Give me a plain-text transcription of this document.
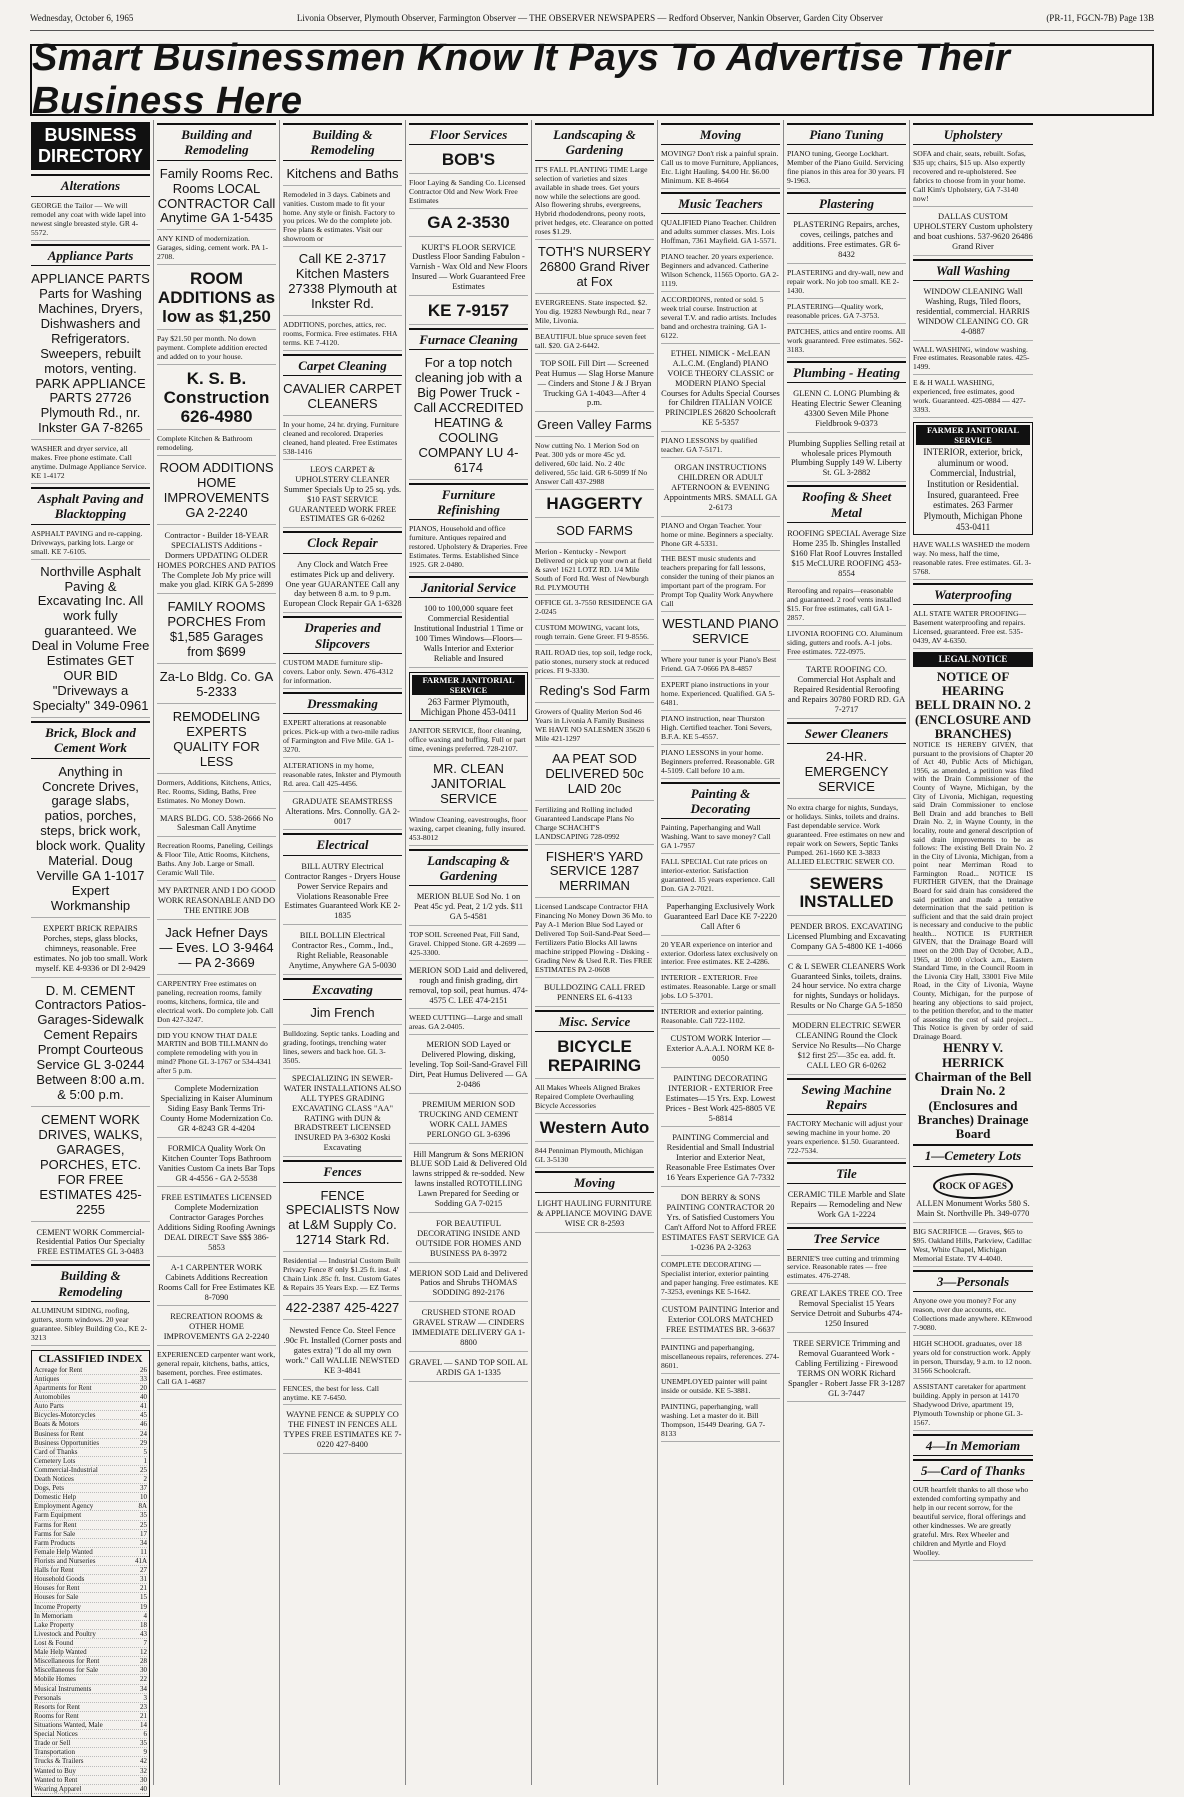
Wednesday, October 6, 1965	Livonia Observer, Plymouth Observer, Farmington Observer — THE OBSERVER NEWSPAPERS — Redford Observer, Nankin Observer, Garden City Observer	(PR-11, FGCN-7B) Page 13B
Smart Businessmen Know It Pays To Advertise Their Business Here
BUSINESS
DIRECTORY
Alterations
GEORGE the Tailor — We will remodel any coat with wide lapel into newest single breasted style. GR 4-5572.
Appliance Parts
APPLIANCE PARTS Parts for Washing Machines, Dryers, Dishwashers and Refrigerators. Sweepers, rebuilt motors, venting. PARK APPLIANCE PARTS 27726 Plymouth Rd., nr. Inkster GA 7-8265
WASHER and dryer service, all makes. Free phone estimate. Call anytime. Dulmage Appliance Service. KE 1-4172
Asphalt Paving and Blacktopping
ASPHALT PAVING and re-capping. Driveways, parking lots. Large or small. KE 7-6105.
Northville Asphalt Paving & Excavating Inc. All work fully guaranteed. We Deal in Volume Free Estimates GET OUR BID "Driveways a Specialty" 349-0961
Brick, Block and Cement Work
Anything in Concrete Drives, garage slabs, patios, porches, steps, brick work, block work. Quality Material. Doug Verville GA 1-1017 Expert Workmanship
EXPERT BRICK REPAIRS Porches, steps, glass blocks, chimneys, reasonable. Free estimates. No job too small. Work myself. KE 4-9336 or DI 2-9429
D. M. CEMENT Contractors Patios-Garages-Sidewalk Cement Repairs Prompt Courteous Service GL 3-0244 Between 8:00 a.m. & 5:00 p.m.
CEMENT WORK DRIVES, WALKS, GARAGES, PORCHES, ETC. FOR FREE ESTIMATES 425-2255
CEMENT WORK Commercial-Residential Patios Our Specialty FREE ESTIMATES GL 3-0483
Building & Remodeling
ALUMINUM SIDING, roofing, gutters, storm windows. 20 year guarantee. Sibley Building Co., KE 2-3213
CLASSIFIED INDEX
Acreage for Rent	26
Antiques	33
Apartments for Rent	20
Automobiles	40
Auto Parts	41
Bicycles-Motorcycles	45
Boats & Motors	46
Business for Rent	24
Business Opportunities	29
Card of Thanks	5
Cemetery Lots	1
Commercial-Industrial	25
Death Notices	2
Dogs, Pets	37
Domestic Help	10
Employment Agency	8A
Farm Equipment	35
Farms for Rent	25
Farms for Sale	17
Farm Products	34
Female Help Wanted	11
Florists and Nurseries	41A
Halls for Rent	27
Household Goods	31
Houses for Rent	21
Houses for Sale	15
Income Property	19
In Memoriam	4
Lake Property	18
Livestock and Poultry	43
Lost & Found	7
Male Help Wanted	12
Miscellaneous for Rent	28
Miscellaneous for Sale	30
Mobile Homes	22
Musical Instruments	34
Personals	3
Resorts for Rent	23
Rooms for Rent	21
Situations Wanted, Male	14
Special Notices	6
Trade or Sell	35
Transportation	9
Trucks & Trailers	42
Wanted to Buy	32
Wanted to Rent	30
Wearing Apparel	40
Building and Remodeling
Family Rooms Rec. Rooms LOCAL CONTRACTOR Call Anytime GA 1-5435
ANY KIND of modernization. Garages, siding, cement work. PA 1-2708.
ROOM ADDITIONS as low as $1,250
Pay $21.50 per month. No down payment. Complete addition erected and added on to your house.
K. S. B. Construction 626-4980
Complete Kitchen & Bathroom remodeling.
ROOM ADDITIONS HOME IMPROVEMENTS GA 2-2240
Contractor - Builder 18-YEAR SPECIALISTS Additions - Dormers UPDATING OLDER HOMES PORCHES AND PATIOS The Complete Job My price will make you glad. KIRK GA 5-2899
FAMILY ROOMS PORCHES From $1,585 Garages from $699
Za-Lo Bldg. Co. GA 5-2333
REMODELING EXPERTS QUALITY FOR LESS
Dormers, Additions, Kitchens, Attics, Rec. Rooms, Siding, Baths, Free Estimates. No Money Down.
MARS BLDG. CO. 538-2666 No Salesman Call Anytime
Recreation Rooms, Paneling, Ceilings & Floor Tile, Attic Rooms, Kitchens, Baths. Any Job. Large or Small. Ceramic Wall Tile.
MY PARTNER AND I DO GOOD WORK REASONABLE AND DO THE ENTIRE JOB
Jack Hefner Days — Eves. LO 3-9464 — PA 2-3669
CARPENTRY Free estimates on paneling, recreation rooms, family rooms, kitchens, formica, tile and electrical work. Do complete job. Call Don 427-3247.
DID YOU KNOW THAT DALE MARTIN and BOB TILLMANN do complete remodeling with you in mind? Phone GL 3-1767 or 534-4341 after 5 p.m.
Complete Modernization Specializing in Kaiser Aluminum Siding Easy Bank Terms Tri-County Home Modernization Co. GR 4-8243 GR 4-4204
FORMICA Quality Work On Kitchen Counter Tops Bathroom Vanities Custom Ca inets Bar Tops GR 4-4556 - GA 2-5538
FREE ESTIMATES LICENSED Complete Modernization Contractor Garages Porches Additions Siding Roofing Awnings DEAL DIRECT Save $$$ 386-5853
A-1 CARPENTER WORK Cabinets Additions Recreation Rooms Call for Free Estimates KE 8-7090
RECREATION ROOMS & OTHER HOME IMPROVEMENTS GA 2-2240
EXPERIENCED carpenter want work, general repair, kitchens, baths, attics, basement, porches. Free estimates. Call GA 1-4687
Building & Remodeling
Kitchens and Baths
Remodeled in 3 days. Cabinets and vanities. Custom made to fit your home. Any style or finish. Factory to you prices. We do the complete job. Free plans & estimates. Visit our showroom or
Call KE 2-3717 Kitchen Masters 27338 Plymouth at Inkster Rd.
ADDITIONS, porches, attics, rec. rooms, Formica. Free estimates. FHA terms. KE 7-4120.
Carpet Cleaning
CAVALIER CARPET CLEANERS
In your home, 24 hr. drying. Furniture cleaned and recolored. Draperies cleaned, hand pleated. Free Estimates 538-1416
LEO'S CARPET & UPHOLSTERY CLEANER Summer Specials Up to 25 sq. yds. $10 FAST SERVICE GUARANTEED WORK FREE ESTIMATES GR 6-0262
Clock Repair
Any Clock and Watch Free estimates Pick up and delivery. One year GUARANTEE Call any day between 8 a.m. to 9 p.m. European Clock Repair GA 1-6328
Draperies and Slipcovers
CUSTOM MADE furniture slip-covers. Labor only. Sewn. 476-4312 for information.
Dressmaking
EXPERT alterations at reasonable prices. Pick-up with a two-mile radius of Farmington and Five Mile. GA 1-3270.
ALTERATIONS in my home, reasonable rates, Inkster and Plymouth Rd. area. Call 425-4456.
GRADUATE SEAMSTRESS Alterations. Mrs. Connolly. GA 2-0017
Electrical
BILL AUTRY Electrical Contractor Ranges - Dryers House Power Service Repairs and Violations Reasonable Free Estimates Guaranteed Work KE 2-1835
BILL BOLLIN Electrical Contractor Res., Comm., Ind., Right Reliable, Reasonable Anytime, Anywhere GA 5-0030
Excavating
Jim French
Bulldozing. Septic tanks. Loading and grading, footings, trenching water lines, sewers and back hoe. GL 3-3505.
SPECIALIZING IN SEWER-WATER INSTALLATIONS ALSO ALL TYPES GRADING EXCAVATING CLASS "AA" RATING with DUN & BRADSTREET LICENSED INSURED PA 3-6302 Koski Excavating
Fences
FENCE SPECIALISTS Now at L&M Supply Co. 12714 Stark Rd.
Residential — Industrial Custom Built Privacy Fence 8' only $1.25 ft. inst. 4' Chain Link .85c ft. Inst. Custom Gates & Repairs 35 Years Exp. — EZ Terms
422-2387 425-4227
Newsted Fence Co. Steel Fence .90c Ft. Installed (Corner posts and gates extra) "I do all my own work." Call WALLIE NEWSTED KE 3-4841
FENCES, the best for less. Call anytime. KE 7-6450.
WAYNE FENCE & SUPPLY CO THE FINEST IN FENCES ALL TYPES FREE ESTIMATES KE 7-0220 427-8400
Floor Services
BOB'S
Floor Laying & Sanding Co. Licensed Contractor Old and New Work Free Estimates
GA 2-3530
KURT'S FLOOR SERVICE Dustless Floor Sanding Fabulon - Varnish - Wax Old and New Floors Insured — Work Guaranteed Free Estimates
KE 7-9157
Furnace Cleaning
For a top notch cleaning job with a Big Power Truck - Call ACCREDITED HEATING & COOLING COMPANY LU 4-6174
Furniture Refinishing
PIANOS, Household and office furniture. Antiques repaired and restored. Upholstery & Draperies. Free Estimates. Terms. Established Since 1925. GR 2-0480.
Janitorial Service
100 to 100,000 square feet Commercial Residential Institutional Industrial 1 Time or 100 Times Windows—Floors—Walls Interior and Exterior Reliable and Insured
FARMER JANITORIAL SERVICE
263 Farmer Plymouth, Michigan Phone 453-0411
JANITOR SERVICE, floor cleaning, office waxing and buffing. Full or part time, evenings preferred. 728-2107.
MR. CLEAN JANITORIAL SERVICE
Window Cleaning, eavestroughs, floor waxing, carpet cleaning, fully insured. 453-8012
Landscaping & Gardening
MERION BLUE Sod No. 1 on Peat 45c yd. Peat, 2 1/2 yds. $11 GA 5-4581
TOP SOIL Screened Peat, Fill Sand, Gravel. Chipped Stone. GR 4-2699 — 425-3300.
MERION SOD Laid and delivered, rough and finish grading, dirt removal, top soil, peat humus. 474-4575 C. LEE 474-2151
WEED CUTTING—Large and small areas. GA 2-0405.
MERION SOD Layed or Delivered Plowing, disking, leveling. Top Soil-Sand-Gravel Fill Dirt, Peat Humus Delivered — GA 2-0486
PREMIUM MERION SOD TRUCKING AND CEMENT WORK CALL JAMES PERLONGO GL 3-6396
Hill Mangrum & Sons MERION BLUE SOD Laid & Delivered Old lawns stripped & re-sodded. New lawns installed ROTOTILLING Lawn Prepared for Seeding or Sodding GA 7-0215
FOR BEAUTIFUL DECORATING INSIDE AND OUTSIDE FOR HOMES AND BUSINESS PA 8-3972
MERION SOD Laid and Delivered Patios and Shrubs THOMAS SODDING 892-2176
CRUSHED STONE ROAD GRAVEL STRAW — CINDERS IMMEDIATE DELIVERY GA 1-8800
GRAVEL — SAND TOP SOIL AL ARDIS GA 1-1335
Landscaping & Gardening
IT'S FALL PLANTING TIME Large selection of varieties and sizes available in shade trees. Get yours now while the selections are good. Also flowering shrubs, evergreens, Hybrid rhododendrons, peony roots, privet hedges, etc. Clearance on potted roses $1.29.
TOTH'S NURSERY 26800 Grand River at Fox
EVERGREENS. State inspected. $2. You dig. 19283 Newburgh Rd., near 7 Mile, Livonia.
BEAUTIFUL blue spruce seven feet tall. $20. GA 2-6442.
TOP SOIL Fill Dirt — Screened Peat Humus — Slag Horse Manure — Cinders and Stone J & J Bryan Trucking GA 1-4043—After 4 p.m.
Green Valley Farms
Now cutting No. 1 Merion Sod on Peat. 300 yds or more 45c yd. delivered, 60c laid. No. 2 40c delivered, 55c laid. GR 6-5099 If No Answer Call 437-2988
HAGGERTY
SOD FARMS
Merion - Kentucky - Newport Delivered or pick up your own at field & save! 1621 LOTZ RD. 1/4 Mile South of Ford Rd. West of Newburgh Rd. PLYMOUTH
OFFICE GL 3-7550 RESIDENCE GA 2-0245
CUSTOM MOWING, vacant lots, rough terrain. Gene Greer. FI 9-8556.
RAIL ROAD ties, top soil, ledge rock, patio stones, nursery stock at reduced prices. FI 9-3330.
Reding's Sod Farm
Growers of Quality Merion Sod 46 Years in Livonia A Family Business WE HAVE NO SALESMEN 35620 6 Mile 421-1297
AA PEAT SOD DELIVERED 50c LAID 20c
Fertilizing and Rolling included Guaranteed Landscape Plans No Charge SCHACHT'S LANDSCAPING 728-0992
FISHER'S YARD SERVICE 1287 MERRIMAN
Licensed Landscape Contractor FHA Financing No Money Down 36 Mo. to Pay A-1 Merion Blue Sod Layed or Delivered Top Soil-Sand-Peat Seed—Fertilizers Patio Blocks All lawns machine stripped Plowing - Disking - Grading New & Used R.R. Ties FREE ESTIMATES PA 2-0608
BULLDOZING CALL FRED PENNERS EL 6-4133
Misc. Service
BICYCLE REPAIRING
All Makes Wheels Aligned Brakes Repaired Complete Overhauling Bicycle Accessories
Western Auto
844 Penniman Plymouth, Michigan GL 3-5130
Moving
LIGHT HAULING FURNITURE & APPLIANCE MOVING DAVE WISE CR 8-2593
Moving
MOVING? Don't risk a painful sprain. Call us to move Furniture, Appliances, Etc. Light Hauling. $4.00 Hr. $6.00 Minimum. KE 8-4664
Music Teachers
QUALIFIED Piano Teacher. Children and adults summer classes. Mrs. Lois Hoffman, 7361 Mayfield. GA 1-5571.
PIANO teacher. 20 years experience. Beginners and advanced. Catherine Wilson Schenck, 11565 Oporto. GA 2-1119.
ACCORDIONS, rented or sold. 5 week trial course. Instruction at several T.V. and radio artists. Includes band and orchestra training. GA 1-6122.
ETHEL NIMICK - McLEAN A.L.C.M. (England) PIANO VOICE THEORY CLASSIC or MODERN PIANO Special Courses for Adults Special Courses for Children ITALIAN VOICE PRINCIPLES 26820 Schoolcraft KE 5-5357
PIANO LESSONS by qualified teacher. GA 7-5171.
ORGAN INSTRUCTIONS CHILDREN OR ADULT AFTERNOON & EVENING Appointments MRS. SMALL GA 2-6173
PIANO and Organ Teacher. Your home or mine. Beginners a specialty. Phone GR 4-5331.
THE BEST music students and teachers preparing for fall lessons, consider the tuning of their pianos an important part of the program. For Prompt Top Quality Work Anywhere Call
WESTLAND PIANO SERVICE
Where your tuner is your Piano's Best Friend. GA 7-0666 PA 8-4857
EXPERT piano instructions in your home. Experienced. Qualified. GA 5-6481.
PIANO instruction, near Thurston High. Certified teacher. Toni Severs, B.F.A. KE 5-4557.
PIANO LESSONS in your home. Beginners preferred. Reasonable. GR 4-5109. Call before 10 a.m.
Painting & Decorating
Painting, Paperhanging and Wall Washing. Want to save money? Call GA 1-7957
FALL SPECIAL Cut rate prices on interior-exterior. Satisfaction guaranteed. 15 years experience. Call Don. GA 2-7021.
Paperhanging Exclusively Work Guaranteed Earl Dace KE 7-2220 Call After 6
20 YEAR experience on interior and exterior. Odorless latex exclusively on interior. Free estimates. KE 2-4286.
INTERIOR - EXTERIOR. Free estimates. Reasonable. Large or small jobs. LO 5-3701.
INTERIOR and exterior painting. Reasonable. Call 722-1102.
CUSTOM WORK Interior — Exterior A.A.A.I. NORM KE 8-0050
PAINTING DECORATING INTERIOR - EXTERIOR Free Estimates—15 Yrs. Exp. Lowest Prices - Best Work 425-8805 VE 5-8814
PAINTING Commercial and Residential and Small Industrial Interior and Exterior Neat, Reasonable Free Estimates Over 16 Years Experience GA 7-7332
DON BERRY & SONS PAINTING CONTRACTOR 20 Yrs. of Satisfied Customers You Can't Afford Not to Afford FREE ESTIMATES FAST SERVICE GA 1-0236 PA 2-3263
COMPLETE DECORATING — Specialist interior, exterior painting and paper hanging. Free estimates. KE 7-3253, evenings KE 5-1642.
CUSTOM PAINTING Interior and Exterior COLORS MATCHED FREE ESTIMATES BR. 3-6637
PAINTING and paperhanging, miscellaneous repairs, references. 274-8601.
UNEMPLOYED painter will paint inside or outside. KE 5-3881.
PAINTING, paperhanging, wall washing. Let a master do it. Bill Thompson, 15449 Dearing. GA 7-8133
Piano Tuning
PIANO tuning, George Lockhart. Member of the Piano Guild. Servicing fine pianos in this area for 30 years. FI 9-1963.
Plastering
PLASTERING Repairs, arches, coves, ceilings, patches and additions. Free estimates. GR 6-8432
PLASTERING and dry-wall, new and repair work. No job too small. KE 2-1430.
PLASTERING—Quality work, reasonable prices. GA 7-3753.
PATCHES, attics and entire rooms. All work guaranteed. Free estimates. 562-3183.
Plumbing - Heating
GLENN C. LONG Plumbing & Heating Electric Sewer Cleaning 43300 Seven Mile Phone Fieldbrook 9-0373
Plumbing Supplies Selling retail at wholesale prices Plymouth Plumbing Supply 149 W. Liberty St. GL 3-2882
Roofing & Sheet Metal
ROOFING SPECIAL Average Size Home 235 lb. Shingles Installed $160 Flat Roof Louvres Installed $15 McCLURE ROOFING 453-8554
Reroofing and repairs—reasonable and guaranteed. 2 roof vents installed $15. For free estimates, call GA 1-2857.
LIVONIA ROOFING CO. Aluminum siding, gutters and roofs. A-1 jobs. Free estimates. 722-0975.
TARTE ROOFING CO. Commercial Hot Asphalt and Repaired Residential Reroofing and Repairs 30780 FORD RD. GA 7-2717
Sewer Cleaners
24-HR. EMERGENCY SERVICE
No extra charge for nights, Sundays, or holidays. Sinks, toilets and drains. Fast dependable service. Work guaranteed. Free estimates on new and repair work on Sewers, Septic Tanks Pumped. 261-1660 KE 3-3833 ALLIED ELECTRIC SEWER CO.
SEWERS INSTALLED
PENDER BROS. EXCAVATING Licensed Plumbing and Excavating Company GA 5-4800 KE 1-4066
C & L SEWER CLEANERS Work Guaranteed Sinks, toilets, drains. 24 hour service. No extra charge for nights, Sundays or holidays. Results or No Charge GA 5-1850
MODERN ELECTRIC SEWER CLEANING Round the Clock Service No Results—No Charge $12 first 25'—35c ea. add. ft. CALL LEO GR 6-0262
Sewing Machine Repairs
FACTORY Mechanic will adjust your sewing machine in your home. 20 years experience. $1.50. Guaranteed. 722-7534.
Tile
CERAMIC TILE Marble and Slate Repairs — Remodeling and New Work GA 1-2224
Tree Service
BERNIE'S tree cutting and trimming service. Reasonable rates — free estimates. 476-2748.
GREAT LAKES TREE CO. Tree Removal Specialist 15 Years Service Detroit and Suburbs 474-1250 Insured
TREE SERVICE Trimming and Removal Guaranteed Work - Cabling Fertilizing - Firewood TERMS ON WORK Richard Spangler - Robert Jasse FR 3-1287 GL 3-7447
Upholstery
SOFA and chair, seats, rebuilt. Sofas, $35 up; chairs, $15 up. Also expertly recovered and re-upholstered. See fabrics to choose from in your home. Call Kim's Upholstery, GA 7-3140 now!
DALLAS CUSTOM UPHOLSTERY Custom upholstery and boat cushions. 537-9620 26486 Grand River
Wall Washing
WINDOW CLEANING Wall Washing, Rugs, Tiled floors, residential, commercial. HARRIS WINDOW CLEANING CO. GR 4-0887
WALL WASHING, window washing. Free estimates. Reasonable rates. 425-1499.
E & H WALL WASHING, experienced, free estimates, good work. Guaranteed. 425-0884 — 427-3393.
FARMER JANITORIAL SERVICE
INTERIOR, exterior, brick, aluminum or wood. Commercial, Industrial, Institution or Residential. Insured, guaranteed. Free estimates. 263 Farmer Plymouth, Michigan Phone 453-0411
HAVE WALLS WASHED the modern way. No mess, half the time, reasonable rates. Free estimates. GL 3-5768.
Waterproofing
ALL STATE WATER PROOFING—Basement waterproofing and repairs. Licensed, guaranteed. Free est. 535-0439, AV 4-6350.
LEGAL NOTICE
NOTICE OF HEARING
BELL DRAIN NO. 2 (ENCLOSURE AND BRANCHES)
NOTICE IS HEREBY GIVEN, that pursuant to the provisions of Chapter 20 of Act 40, Public Acts of Michigan, 1956, as amended, a petition was filed with the Drain Commissioner of the County of Wayne, Michigan, by the City of Livonia, Michigan, requesting said Drain Commissioner to enclose Bell Drain and add branches to Bell Drain No. 2, in Wayne County, in the locality, route and general description of said drain improvements to be as follows: The existing Bell Drain No. 2 in the City of Livonia, Michigan, from a point near Merriman Road to Farmington Road... NOTICE IS FURTHER GIVEN, that the Drainage Board for said drain has considered the said petition and made a tentative determination that the said petition is sufficient and that the said drain project is necessary and conducive to the public health... NOTICE IS FURTHER GIVEN, that the Drainage Board will meet on the 20th Day of October, A.D., 1965, at 10:00 o'clock a.m., Eastern Standard Time, in the Council Room in the Livonia City Hall, 33001 Five Mile Road, in the City of Livonia, Wayne County, Michigan, for the purpose of hearing any objections to said project, to the petition therefor, and to the matter of assessing the cost of said project... This Notice is given by order of said Drainage Board.
HENRY V. HERRICK Chairman of the Bell Drain No. 2 (Enclosures and Branches) Drainage Board
1—Cemetery Lots
ROCK OF AGES
ALLEN Monument Works 580 S. Main St. Northville Ph. 349-0770
BIG SACRIFICE — Graves, $65 to $95. Oakland Hills, Parkview, Cadillac West, White Chapel, Michigan Memorial Estate. TV 4-4040.
3—Personals
Anyone owe you money? For any reason, over due accounts, etc. Collections made anywhere. KEnwood 7-9080.
HIGH SCHOOL graduates, over 18 years old for construction work. Apply in person, Thursday, 9 a.m. to 12 noon. 31566 Schoolcraft.
ASSISTANT caretaker for apartment building. Apply in person at 14170 Shadywood Drive, apartment 19, Plymouth Township or phone GL 3-1567.
4—In Memoriam
5—Card of Thanks
OUR heartfelt thanks to all those who extended comforting sympathy and help in our recent sorrow, for the beautiful service, floral offerings and other kindnesses. We are greatly grateful. Mrs. Rex Wheeler and children and Myrtle and Floyd Woolley.
